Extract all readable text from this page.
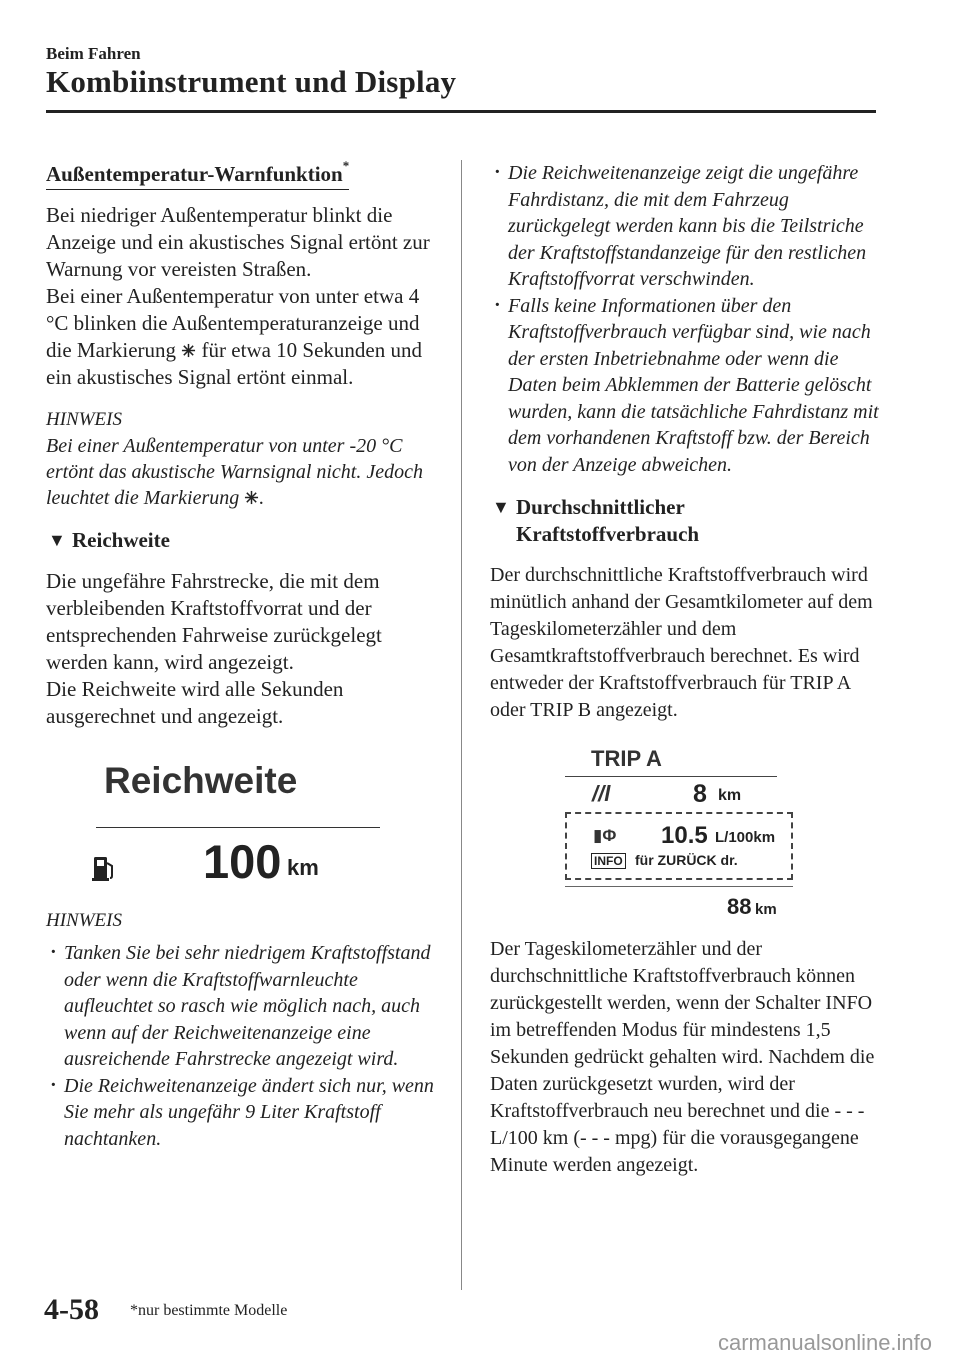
Beim Fahren
Kombiinstrument und Display
Außentemperatur-Warnfunktion*

Bei niedriger Außentemperatur blinkt die Anzeige und ein akustisches Signal ertönt zur Warnung vor vereisten Straßen.

Bei einer Außentemperatur von unter etwa 4 °C blinken die Außentemperaturanzeige und die Markierung für etwa 10 Sekunden und ein akustisches Signal ertönt einmal.

HINWEIS

Bei einer Außentemperatur von unter -20 °C ertönt das akustische Warnsignal nicht. Jedoch leuchtet die Markierung .

▼ Reichweite

Die ungefähre Fahrstrecke, die mit dem verbleibenden Kraftstoffvorrat und der entsprechenden Fahrweise zurückgelegt werden kann, wird angezeigt.

Die Reichweite wird alle Sekunden ausgerechnet und angezeigt.

Reichweite
100 km
HINWEIS
· Tanken Sie bei sehr niedrigem Kraftstoffstand oder wenn die Kraftstoffwarnleuchte aufleuchtet so rasch wie möglich nach, auch wenn auf der Reichweitenanzeige eine ausreichende Fahrstrecke angezeigt wird.
· Die Reichweitenanzeige ändert sich nur, wenn Sie mehr als ungefähr 9 Liter Kraftstoff nachtanken.
· Die Reichweitenanzeige zeigt die ungefähre Fahrdistanz, die mit dem Fahrzeug zurückgelegt werden kann bis die Teilstriche der Kraftstoffstandanzeige für den restlichen Kraftstoffvorrat verschwinden.
· Falls keine Informationen über den Kraftstoffverbrauch verfügbar sind, wie nach der ersten Inbetriebnahme oder wenn die Daten beim Abklemmen der Batterie gelöscht wurden, kann die tatsächliche Fahrdistanz mit dem vorhandenen Kraftstoff bzw. der Bereich von der Anzeige abweichen.
▼ Durchschnittlicher
Kraftstoffverbrauch

Der durchschnittliche Kraftstoffverbrauch wird minütlich anhand der Gesamtkilometer auf dem Tageskilometerzähler und dem Gesamtkraftstoffverbrauch berechnet. Es wird entweder der Kraftstoffverbrauch für TRIP A oder TRIP B angezeigt.

TRIP A
//l	8 km
▮Φ 10.5 L/100km
INFO für ZURÜCK dr.
88 km

Der Tageskilometerzähler und der durchschnittliche Kraftstoffverbrauch können zurückgestellt werden, wenn der Schalter INFO im betreffenden Modus für mindestens 1,5 Sekunden gedrückt gehalten wird. Nachdem die Daten zurückgesetzt wurden, wird der Kraftstoffverbrauch neu berechnet und die - - - L/100 km (- - - mpg) für die vorausgegangene Minute werden angezeigt.

4-58 *nur bestimmte Modelle
carmanualsonline.info
